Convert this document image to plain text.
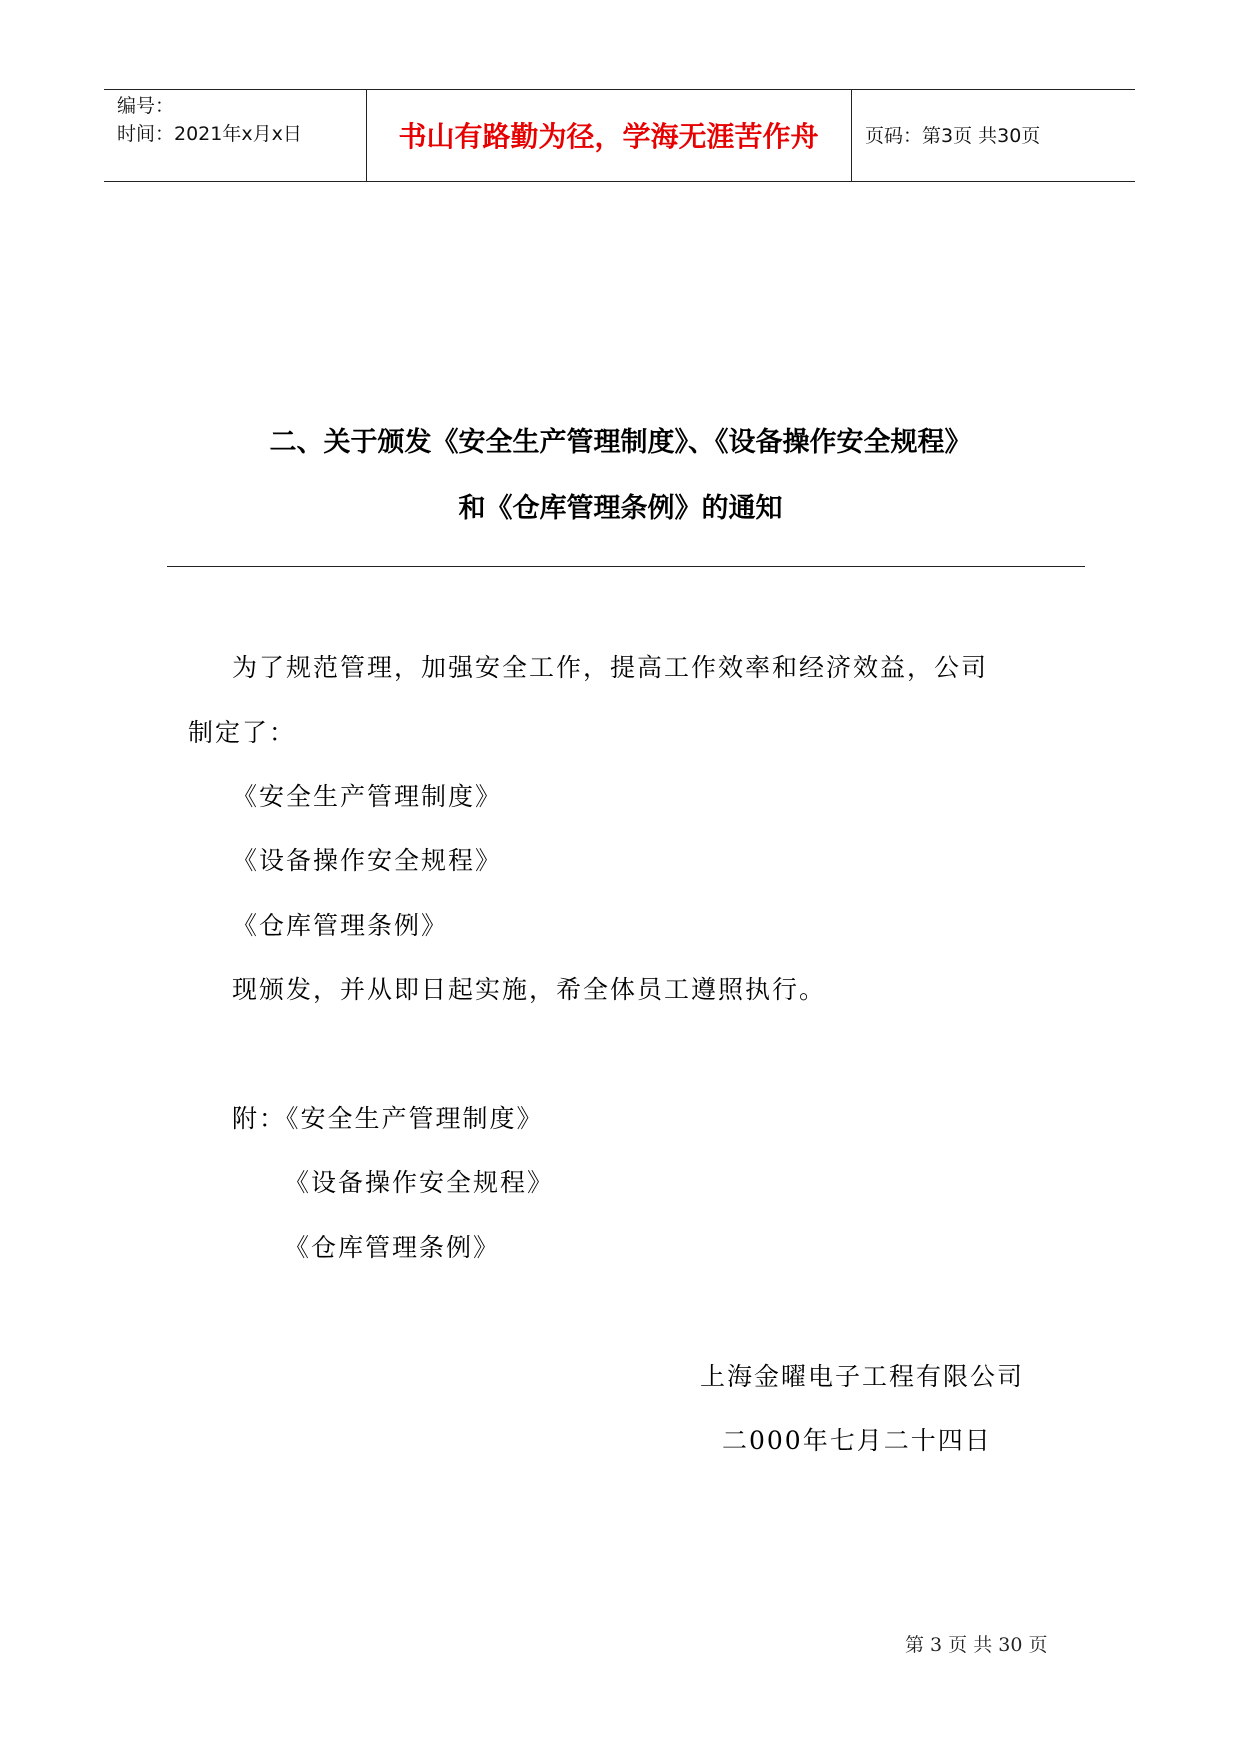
编号：
时间：2021年x月x日	书山有路勤为径，学海无涯苦作舟	页码：第3页 共30页
二、关于颁发《安全生产管理制度》、《设备操作安全规程》
和《仓库管理条例》的通知
为了规范管理，加强安全工作，提高工作效率和经济效益，公司
制定了：
《安全生产管理制度》
《设备操作安全规程》
《仓库管理条例》
现颁发，并从即日起实施，希全体员工遵照执行。
附：《安全生产管理制度》
《设备操作安全规程》
《仓库管理条例》
上海金曜电子工程有限公司
二000年七月二十四日
第 3 页 共 30 页
